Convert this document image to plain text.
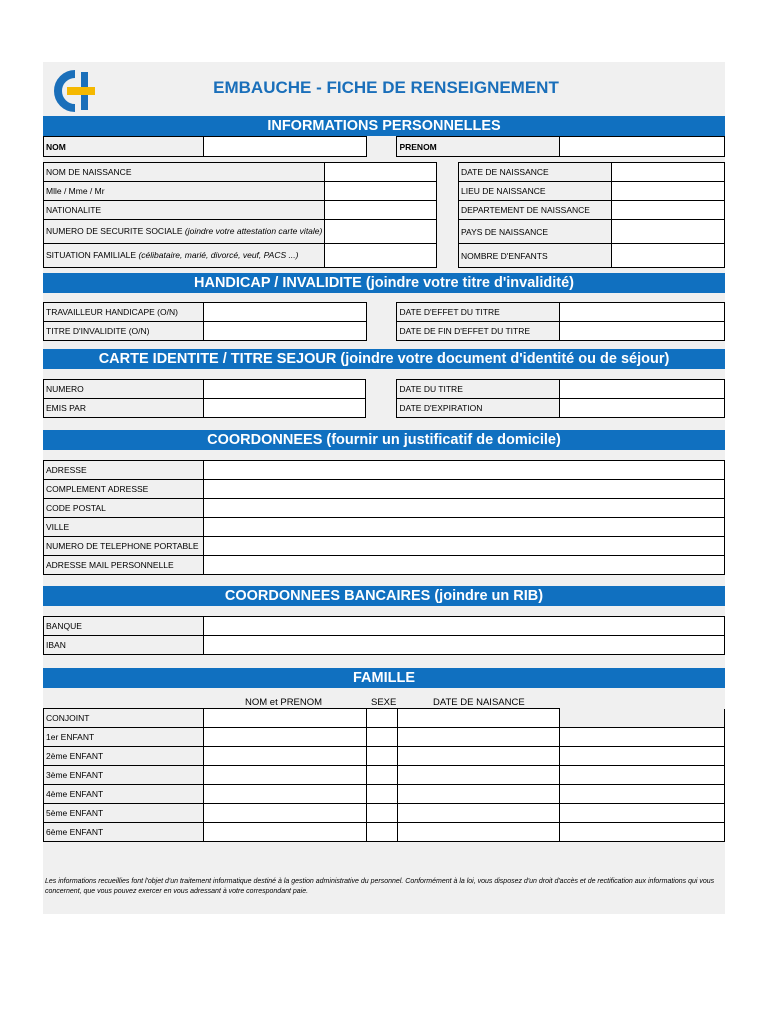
EMBAUCHE - FICHE DE RENSEIGNEMENT
INFORMATIONS PERSONNELLES
NOM			PRENOM	
NOM DE NAISSANCE			DATE DE NAISSANCE	
Mlle / Mme / Mr			LIEU DE NAISSANCE	
NATIONALITE			DEPARTEMENT DE NAISSANCE	
NUMERO DE SECURITE SOCIALE (joindre votre attestation carte vitale)			PAYS DE NAISSANCE	
SITUATION FAMILIALE (célibataire, marié, divorcé, veuf, PACS ...)			NOMBRE D'ENFANTS	
HANDICAP / INVALIDITE (joindre votre titre d'invalidité)
TRAVAILLEUR HANDICAPE (O/N)			DATE D'EFFET DU TITRE	
TITRE D'INVALIDITE (O/N)			DATE DE FIN D'EFFET DU TITRE	
CARTE IDENTITE / TITRE SEJOUR (joindre votre document d'identité ou de séjour)
NUMERO			DATE DU TITRE	
EMIS PAR			DATE D'EXPIRATION	
COORDONNEES (fournir un justificatif de domicile)
ADRESSE	
COMPLEMENT ADRESSE	
CODE POSTAL	
VILLE	
NUMERO DE TELEPHONE PORTABLE	
ADRESSE MAIL PERSONNELLE	
COORDONNEES BANCAIRES (joindre un RIB)
BANQUE	
IBAN	
FAMILLE
NOM et PRENOM	SEXE	DATE DE NAISANCE
CONJOINT				
1er ENFANT				
2ème ENFANT				
3ème ENFANT				
4ème ENFANT				
5ème ENFANT				
6ème ENFANT				
Les informations recueillies font l'objet d'un traitement informatique destiné à la gestion administrative du personnel. Conformément à la loi, vous disposez d'un droit d'accès et de rectification aux informations qui vous concernent, que vous pouvez exercer en vous adressant à votre correspondant paie.
